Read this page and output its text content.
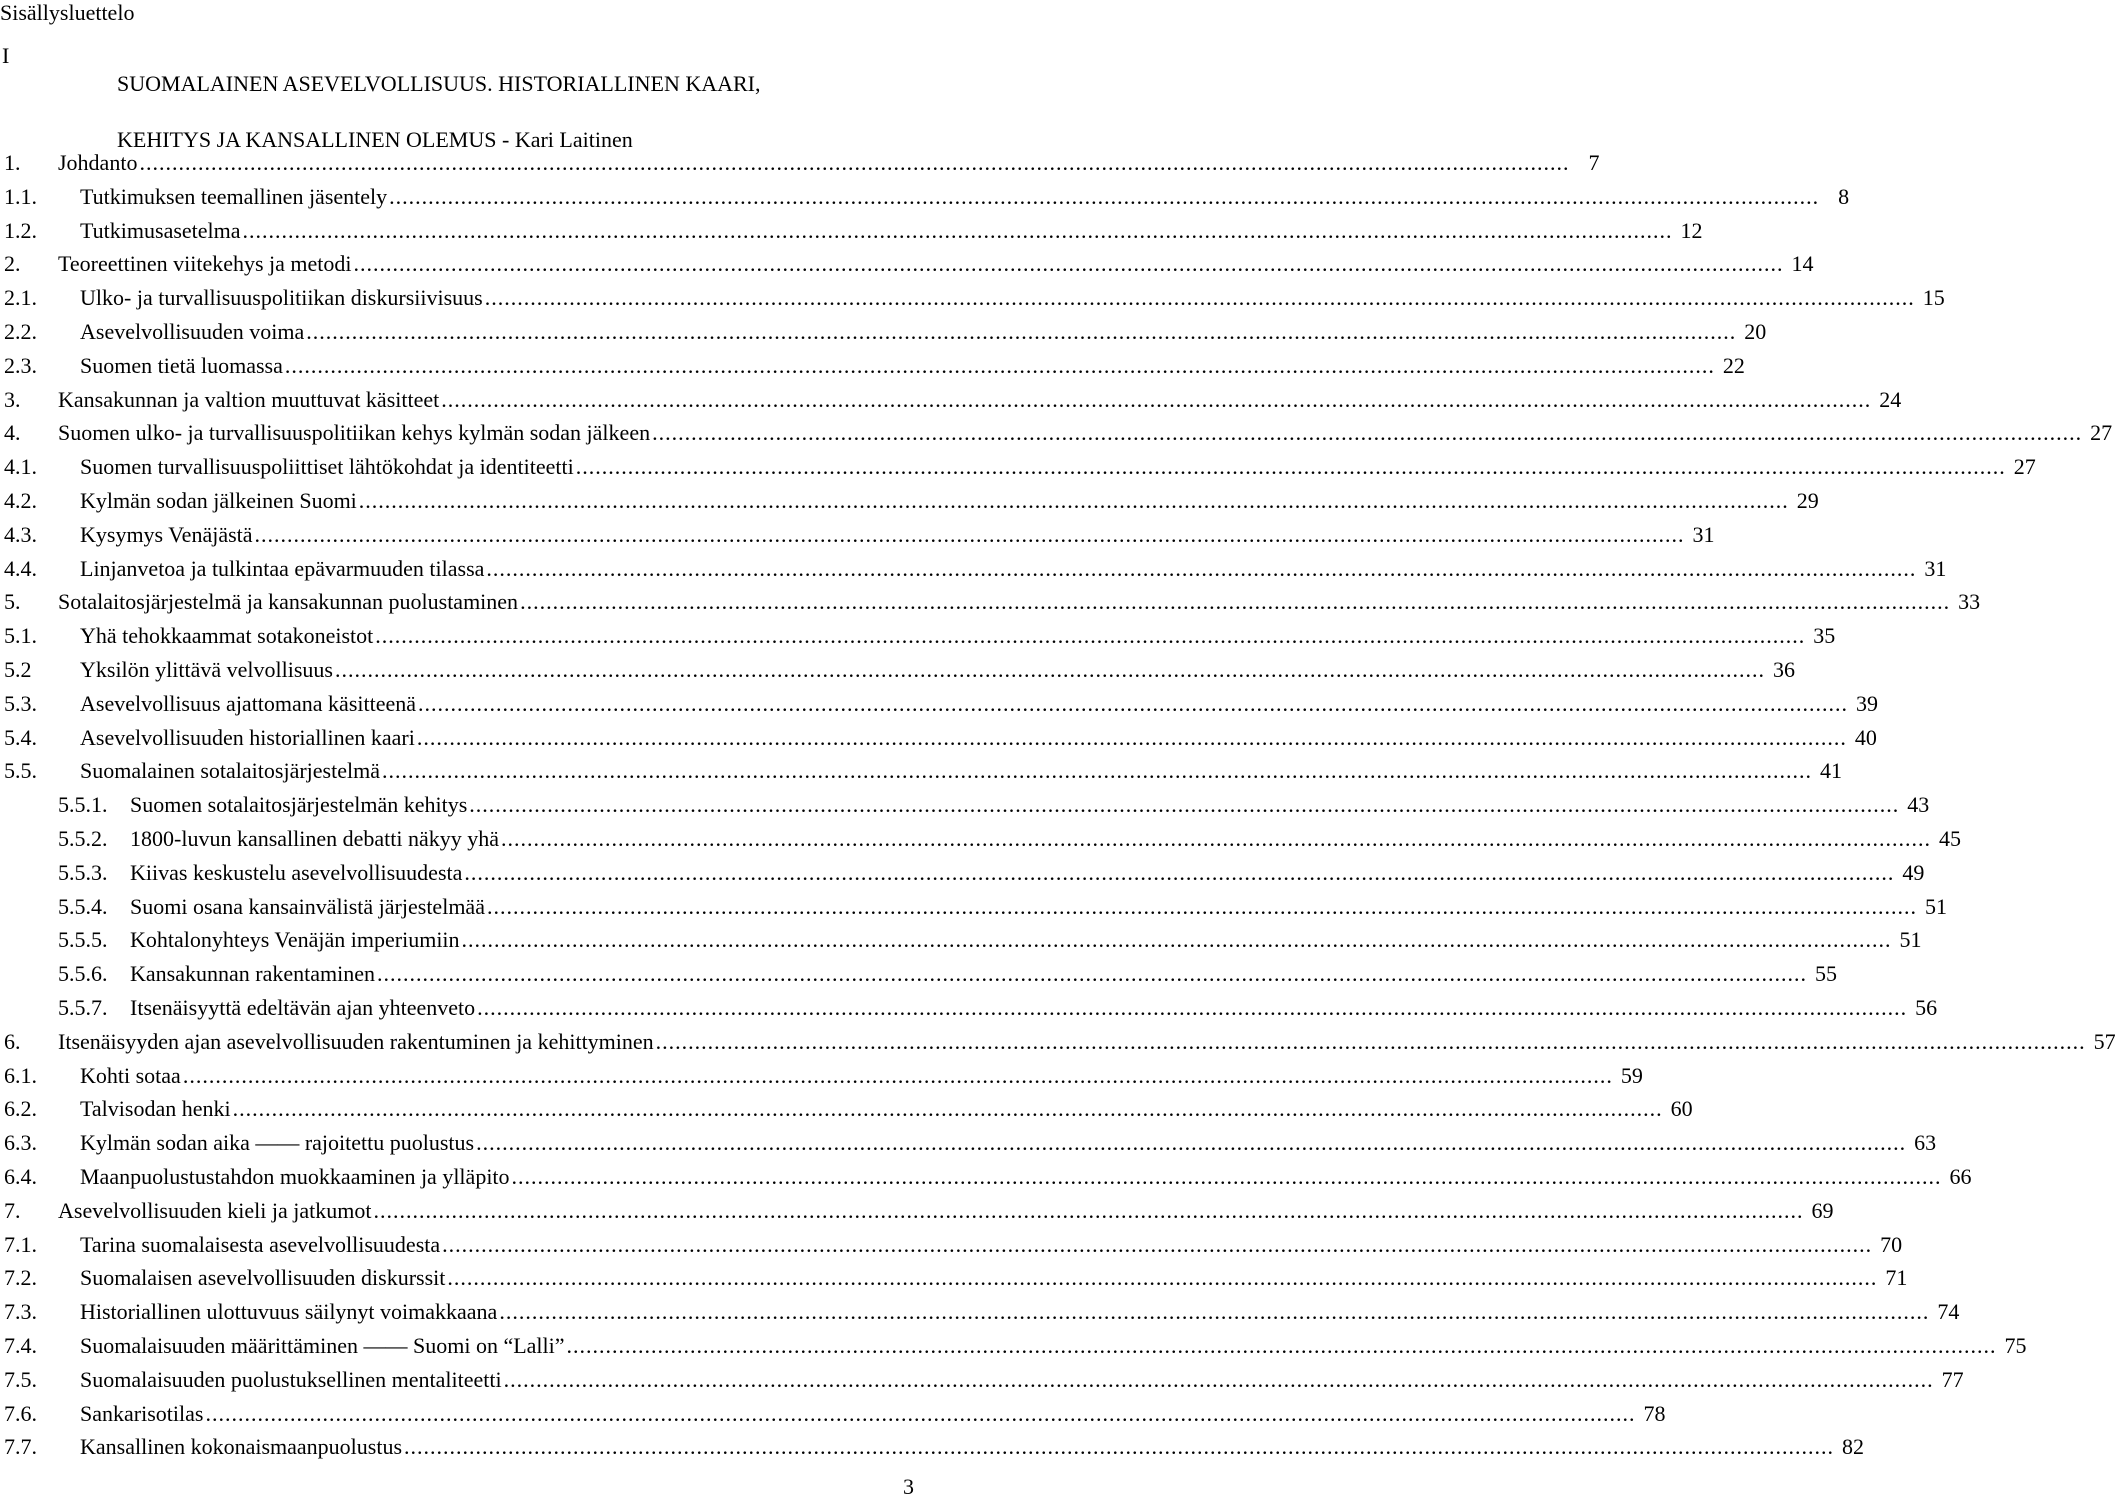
Sisällysluettelo
I

SUOMALAINEN ASEVELVOLLISUUS. HISTORIALLINEN KAARI,

KEHITYS JA KANSALLINEN OLEMUS - Kari Laitinen

1. Johdanto ............................................................................................................................................................................................................................ 7
1.1. Tutkimuksen teemallinen jäsentely ............................................................................................................................................................................................................................ 8
1.2. Tutkimusasetelma ............................................................................................................................................................................................................................ 12
2. Teoreettinen viitekehys ja metodi ............................................................................................................................................................................................................................ 14
2.1. Ulko- ja turvallisuuspolitiikan diskursiivisuus ............................................................................................................................................................................................................................ 15
2.2. Asevelvollisuuden voima ............................................................................................................................................................................................................................ 20
2.3. Suomen tietä luomassa ............................................................................................................................................................................................................................ 22
3. Kansakunnan ja valtion muuttuvat käsitteet ............................................................................................................................................................................................................................ 24
4. Suomen ulko- ja turvallisuuspolitiikan kehys kylmän sodan jälkeen ............................................................................................................................................................................................................................ 27
4.1. Suomen turvallisuuspoliittiset lähtökohdat ja identiteetti ............................................................................................................................................................................................................................ 27
4.2. Kylmän sodan jälkeinen Suomi ............................................................................................................................................................................................................................ 29
4.3. Kysymys Venäjästä ............................................................................................................................................................................................................................ 31
4.4. Linjanvetoa ja tulkintaa epävarmuuden tilassa ............................................................................................................................................................................................................................ 31
5. Sotalaitosjärjestelmä ja kansakunnan puolustaminen ............................................................................................................................................................................................................................ 33
5.1. Yhä tehokkaammat sotakoneistot ............................................................................................................................................................................................................................ 35
5.2 Yksilön ylittävä velvollisuus ............................................................................................................................................................................................................................ 36
5.3. Asevelvollisuus ajattomana käsitteenä ............................................................................................................................................................................................................................ 39
5.4. Asevelvollisuuden historiallinen kaari ............................................................................................................................................................................................................................ 40
5.5. Suomalainen sotalaitosjärjestelmä ............................................................................................................................................................................................................................ 41
5.5.1. Suomen sotalaitosjärjestelmän kehitys ............................................................................................................................................................................................................................ 43
5.5.2. 1800-luvun kansallinen debatti näkyy yhä ............................................................................................................................................................................................................................ 45
5.5.3. Kiivas keskustelu asevelvollisuudesta ............................................................................................................................................................................................................................ 49
5.5.4. Suomi osana kansainvälistä järjestelmää ............................................................................................................................................................................................................................ 51
5.5.5. Kohtalonyhteys Venäjän imperiumiin ............................................................................................................................................................................................................................ 51
5.5.6. Kansakunnan rakentaminen ............................................................................................................................................................................................................................ 55
5.5.7. Itsenäisyyttä edeltävän ajan yhteenveto ............................................................................................................................................................................................................................ 56
6. Itsenäisyyden ajan asevelvollisuuden rakentuminen ja kehittyminen ............................................................................................................................................................................................................................ 57
6.1. Kohti sotaa ............................................................................................................................................................................................................................ 59
6.2. Talvisodan henki ............................................................................................................................................................................................................................ 60
6.3. Kylmän sodan aika —— rajoitettu puolustus ............................................................................................................................................................................................................................ 63
6.4. Maanpuolustustahdon muokkaaminen ja ylläpito ............................................................................................................................................................................................................................ 66
7. Asevelvollisuuden kieli ja jatkumot ............................................................................................................................................................................................................................ 69
7.1. Tarina suomalaisesta asevelvollisuudesta ............................................................................................................................................................................................................................ 70
7.2. Suomalaisen asevelvollisuuden diskurssit ............................................................................................................................................................................................................................ 71
7.3. Historiallinen ulottuvuus säilynyt voimakkaana ............................................................................................................................................................................................................................ 74
7.4. Suomalaisuuden määrittäminen —— Suomi on “Lalli” ............................................................................................................................................................................................................................ 75
7.5. Suomalaisuuden puolustuksellinen mentaliteetti ............................................................................................................................................................................................................................ 77
7.6. Sankarisotilas ............................................................................................................................................................................................................................ 78
7.7. Kansallinen kokonaismaanpuolustus ............................................................................................................................................................................................................................ 82
3
